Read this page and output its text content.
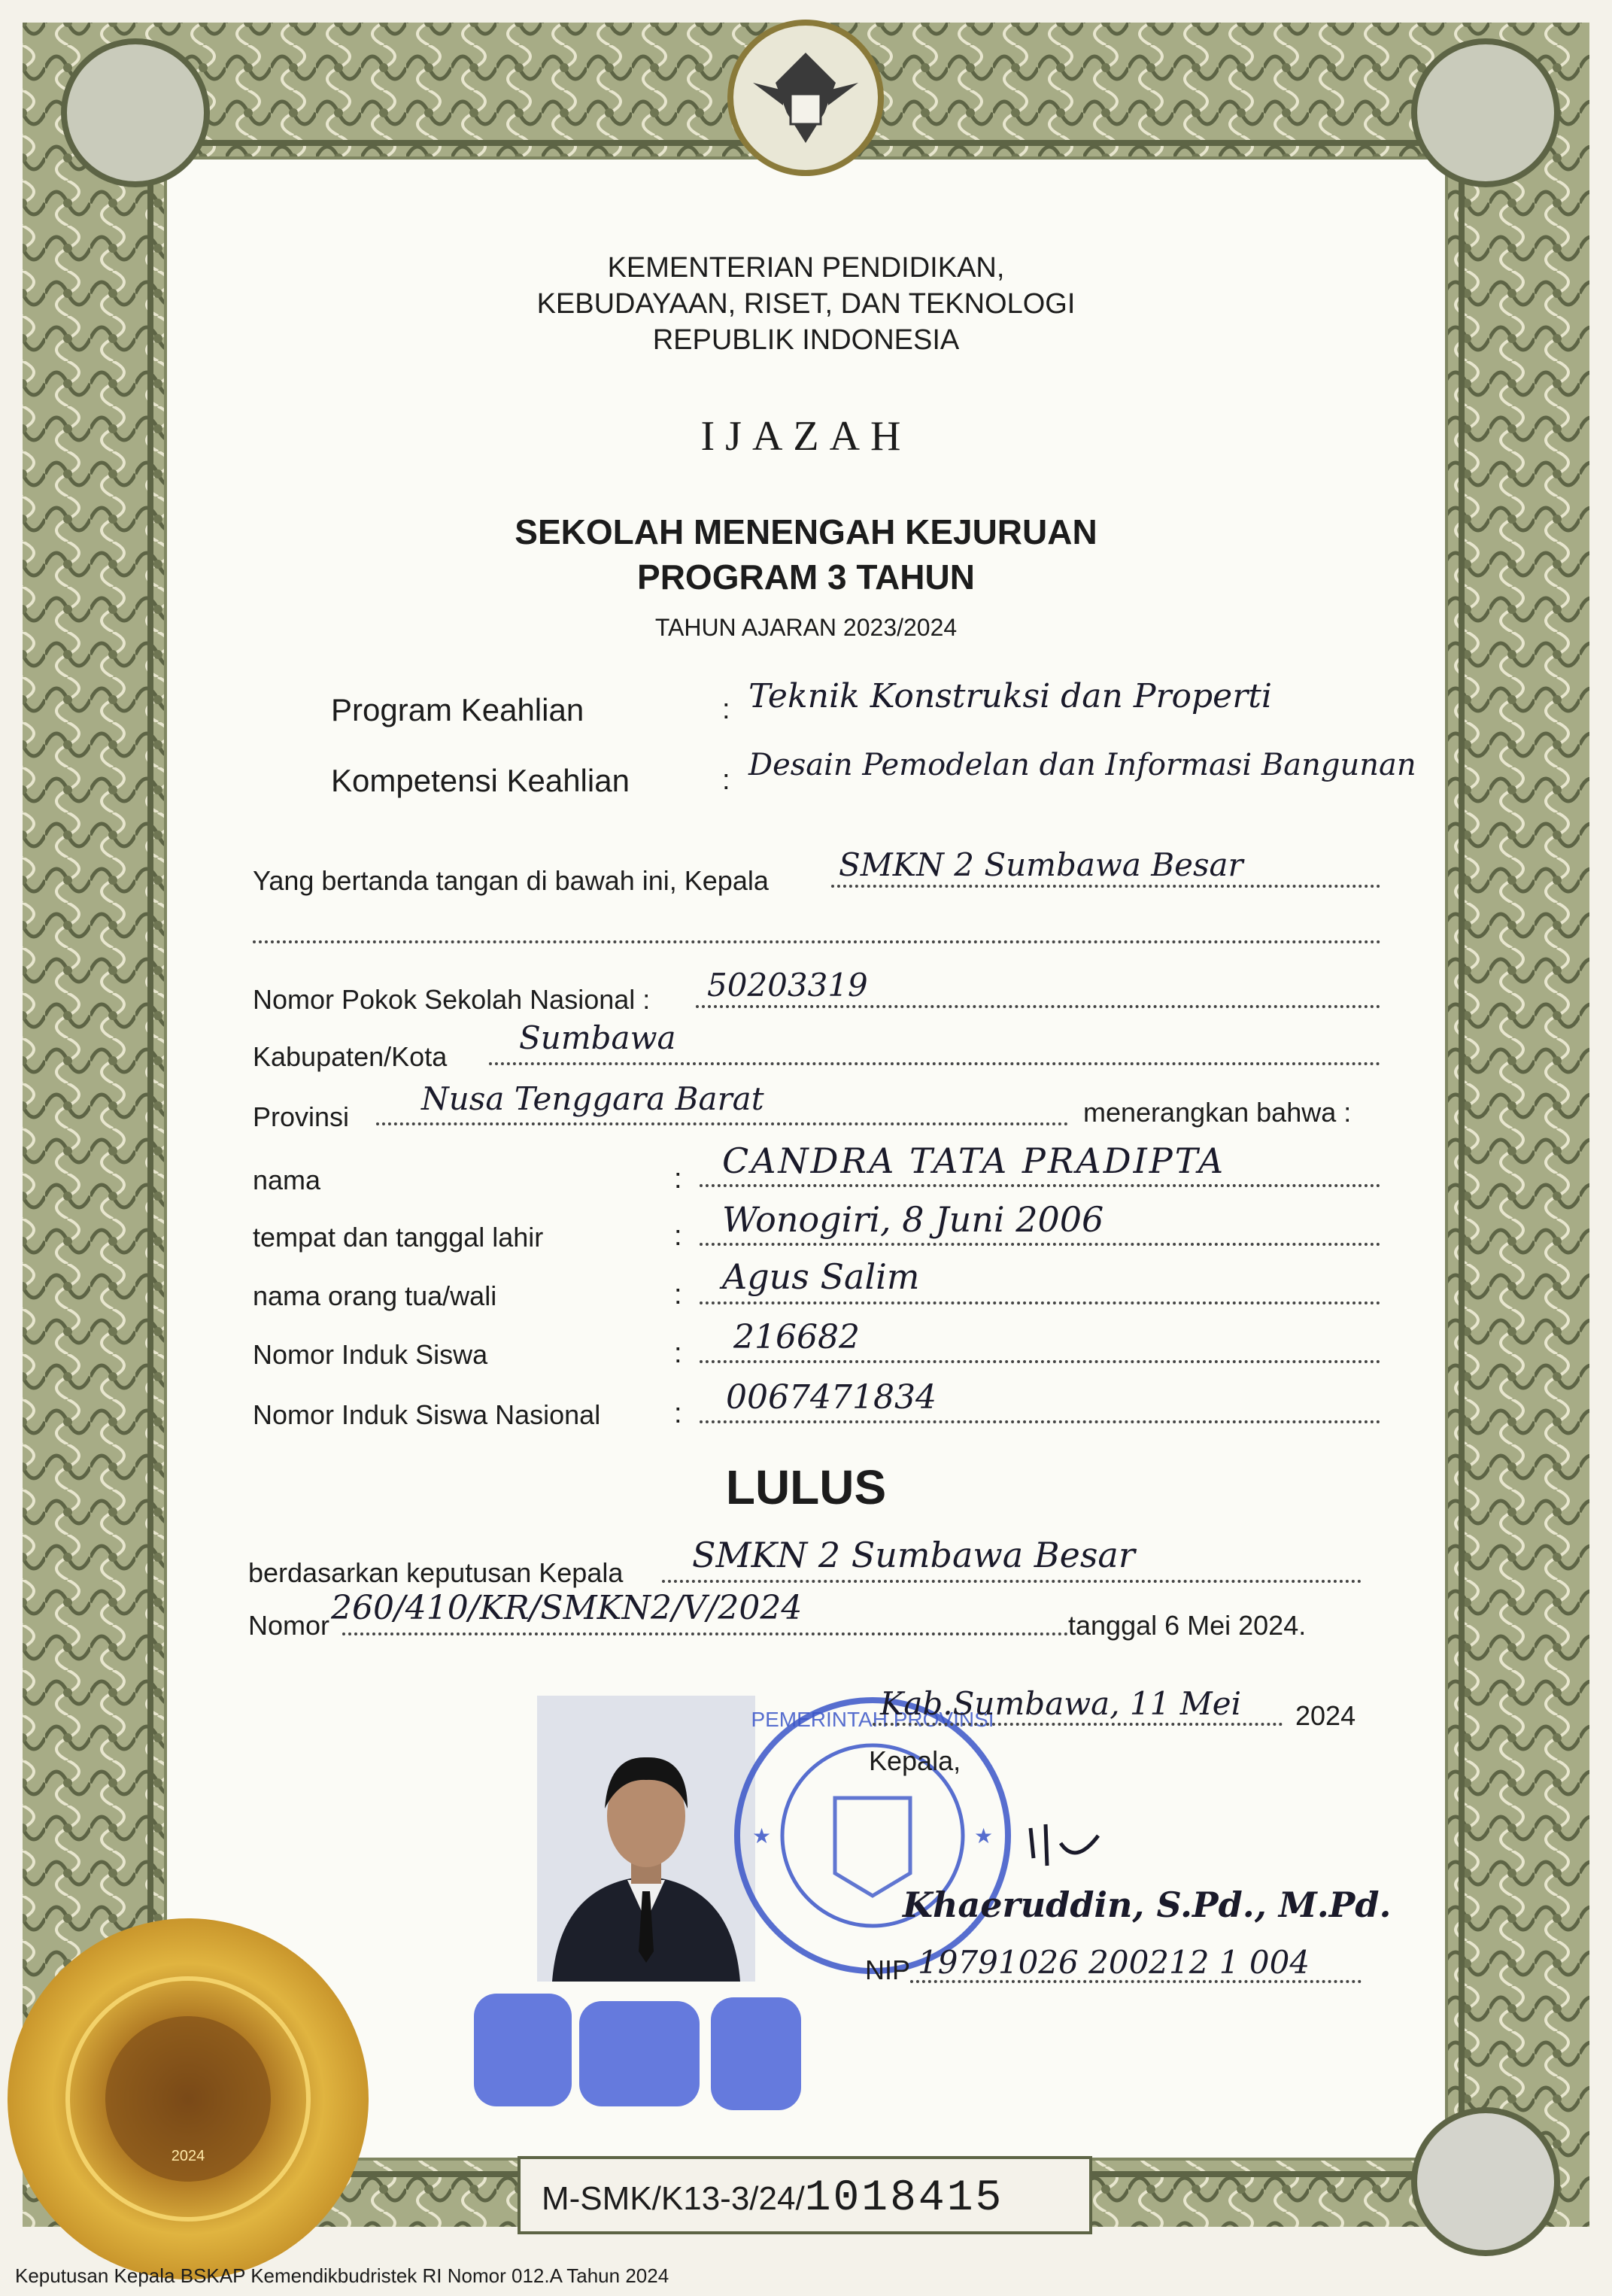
2024
KEMENTERIAN PENDIDIKAN,
KEBUDAYAAN, RISET, DAN TEKNOLOGI
REPUBLIK INDONESIA
IJAZAH
SEKOLAH MENENGAH KEJURUAN
PROGRAM 3 TAHUN
TAHUN AJARAN 2023/2024
Program Keahlian	: Teknik Konstruksi dan Properti
Kompetensi Keahlian	: Desain Pemodelan dan Informasi Bangunan
Yang bertanda tangan di bawah ini, Kepala SMKN 2 Sumbawa Besar
Nomor Pokok Sekolah Nasional : 50203319
Kabupaten/Kota
Sumbawa
Provinsi Nusa Tenggara Barat	menerangkan bahwa :
nama	: CANDRA TATA PRADIPTA
tempat dan tanggal lahir	: Wonogiri, 8 Juni 2006
nama orang tua/wali	: Agus Salim
Nomor Induk Siswa	: 216682
Nomor Induk Siswa Nasional	: 0067471834
LULUS
berdasarkan keputusan Kepala SMKN 2 Sumbawa Besar
Nomor 260/410/KR/SMKN2/V/2024	tanggal 6 Mei 2024.
PEMERINTAH PROVINSI
★	★
Kab.Sumbawa, 11 Mei 2024
Kepala,
Khaeruddin, S.Pd., M.Pd.
NIP 19791026 200212 1 004
M-SMK/K13-3/24/1018415
Keputusan Kepala BSKAP Kemendikbudristek RI Nomor 012.A Tahun 2024
